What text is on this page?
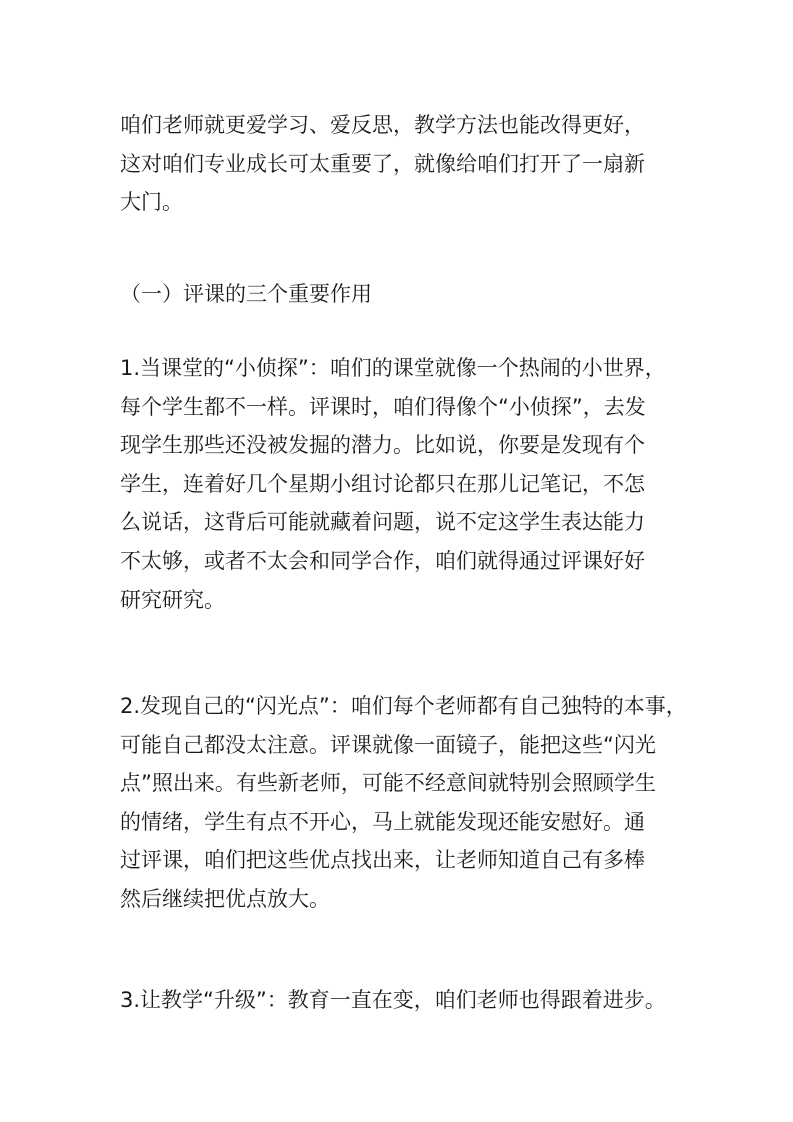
咱们老师就更爱学习、爱反思，教学方法也能改得更好，
这对咱们专业成长可太重要了，就像给咱们打开了一扇新
大门。
（一）评课的三个重要作用
1.当课堂的“小侦探”：咱们的课堂就像一个热闹的小世界，
每个学生都不一样。评课时，咱们得像个“小侦探”，去发
现学生那些还没被发掘的潜力。比如说，你要是发现有个
学生，连着好几个星期小组讨论都只在那儿记笔记，不怎
么说话，这背后可能就藏着问题，说不定这学生表达能力
不太够，或者不太会和同学合作，咱们就得通过评课好好
研究研究。
2.发现自己的“闪光点”：咱们每个老师都有自己独特的本事，
可能自己都没太注意。评课就像一面镜子，能把这些“闪光
点”照出来。有些新老师，可能不经意间就特别会照顾学生
的情绪，学生有点不开心，马上就能发现还能安慰好。通
过评课，咱们把这些优点找出来，让老师知道自己有多棒
然后继续把优点放大。
3.让教学“升级”：教育一直在变，咱们老师也得跟着进步。
